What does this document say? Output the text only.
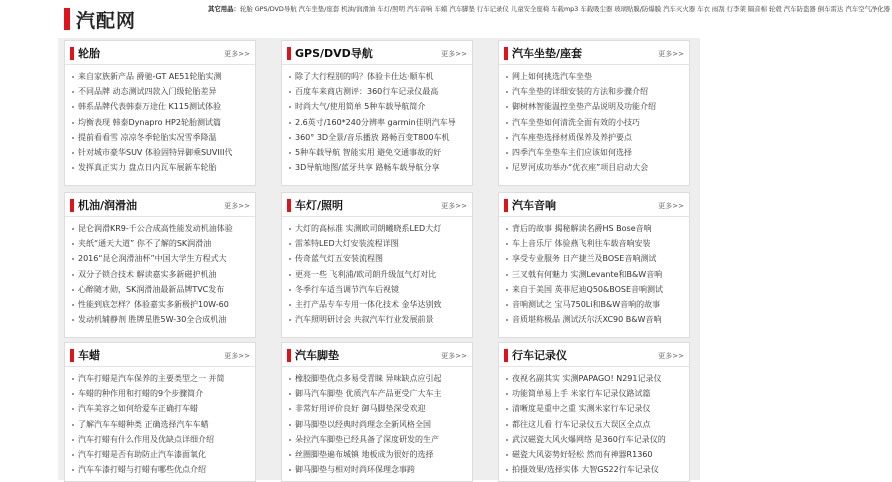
汽配网
其它用品：轮胎 GPS/DVD导航 汽车坐垫/座套 机油/润滑油 车灯/照明 汽车音响 车蜡 汽车脚垫 行车记录仪 儿童安全座椅 车载mp3 车载吸尘器 玻璃贴膜/防爆膜 汽车灭火器 车衣 雨刮 行李架 隔音棉 轮毂 汽车防盗器 倒车雷达 汽车空气净化器
轮胎	更多>>
来自家族新产品 爵驰-GT AE51轮胎实测
不同品牌 动态测试四款入门级轮胎差异
韩系品牌代表韩泰万途仕 K115测试体验
均衡表现 韩泰Dynapro HP2轮胎测试篇
提前看看雪 凉凉冬季轮胎实况雪季降温
针对城市豪华SUV 体验固特异御乘SUVIII代
发挥真正实力 盘点日内瓦车展新车轮胎
GPS/DVD导航	更多>>
除了大行程别的吗？体验卡仕达·顺车机
百度车来商店测评：360行车记录仪最高
时尚大气/使用简单 5种车载导航简介
2.6英寸/160*240分辨率 garmin佳明汽车导
360° 3D全景/音乐播放 路畅百变T800车机
5种车载导航 智能实用 避免交通事故的好
3D导航地图/蓝牙共享 路畅车载导航分享
汽车坐垫/座套	更多>>
网上如何挑选汽车坐垫
汽车坐垫的详细安装的方法和步骤介绍
御树林智能温控坐垫产品说明及功能介绍
汽车坐垫如何清洗全面有效的小技巧
汽车座垫选择材质保养及养护要点
四季汽车坐垫车主们应该如何选择
尼罗河成功举办“优衣座”项目启动大会
机油/润滑油	更多>>
昆仑润滑KR9-千公合成高性能发动机油体验
夹纸“通天大道” 你不了解的SK润滑油
2016“昆仑润滑油杯”中国大学生方程式大
双分子锁合技术 解读嘉实多新磁护机油
心醉随才勋，SK润滑油最新品牌TVC发布
性能到底怎样？体验嘉实多新极护10W-60
发动机辅静剂 胜牌星胜5W-30全合成机油
车灯/照明	更多>>
大灯的高标准 实测欧司朗曦晓系LED大灯
雷苯特LED大灯安装流程详图
传奇蓝气灯五安装流程图
更亮一些 飞利浦/欧司朗升级氙气灯对比
冬季行车适当调节汽车后视镜
主打产品专车专用一体化技术 金华达别致
汽车照明研讨会 共叙汽车行业发展前景
汽车音响	更多>>
背后的故事 揭秘解读名爵HS Bose音响
车上音乐厅 体验燕飞利往车载音响安装
享受专业服务 日产捷兰及BOSE音响测试
三叉戟有何魅力 实测Levante和B&W音响
来自于美国 英菲尼迪Q50&BOSE音响测试
音响测试之 宝马750Li和B&W音响的故事
音质堪称极品 测试沃尔沃XC90 B&W音响
车蜡	更多>>
汽车打蜡是汽车保养的主要类型之一 并简
车蜡的种作用和打蜡的9个步骤简介
汽车美容之如何给爱车正确打车蜡
了解汽车车蜡种类 正确选择汽车车蜡
汽车打蜡有什么作用及优缺点详细介绍
汽车打蜡是否有助防止汽车漆面氧化
汽车车漆打蜡与打蜡有哪些优点介绍
汽车脚垫	更多>>
橡胶脚垫优点多易受青睐 异味缺点应引起
御马汽车脚垫 优质汽车产品更受广大车主
非常好用评价良好 御马脚垫深受欢迎
御马脚垫以经典时尚理念全新风格全国
朵拉汽车脚垫已经具备了深度研发的生产
丝圈脚垫遍布城镇 地板成为很好的选择
御马脚垫与相对时尚环保理念事跨
行车记录仪	更多>>
夜视名副其实 实测PAPAGO! N291记录仪
功能简单易上手 米家行车记录仪路试篇
清晰度是重中之重 实测米家行车记录仪
都往这儿看 行车记录仪五大误区全点点
武汉磁瓷大风火爆网络 是360行车记录仪的
磁瓷大风姿势好轻松 然而有神器R1360
拍摄效果/选择实体 大智GS22行车记录仪
